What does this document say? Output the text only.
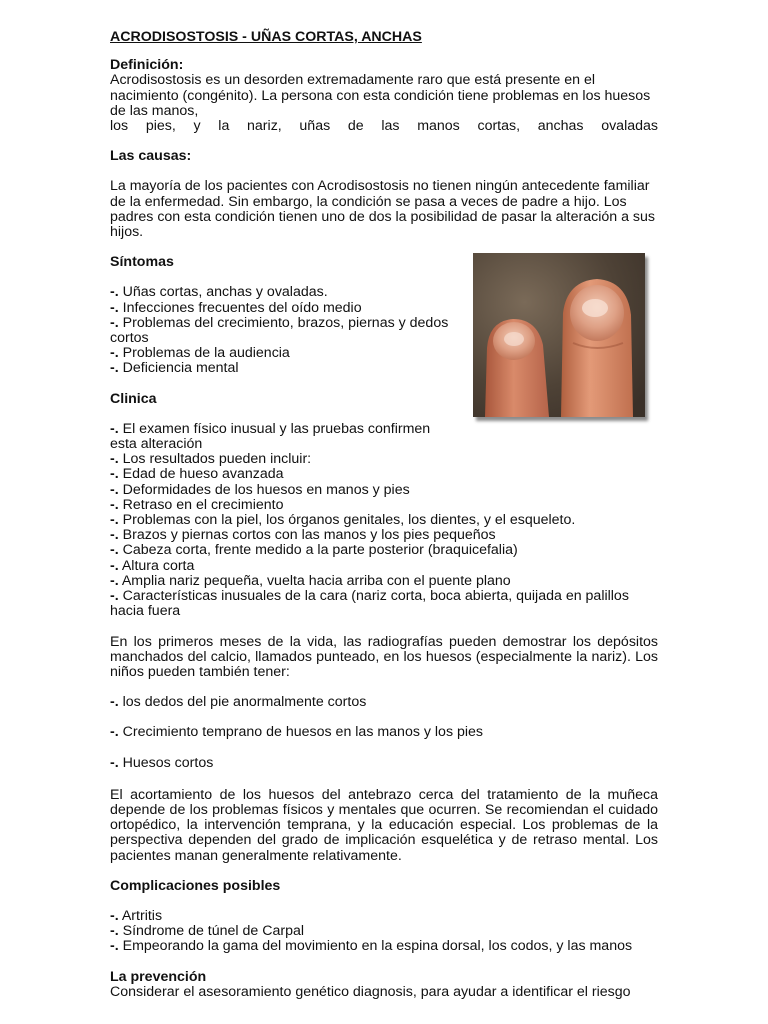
ACRODISOSTOSIS - UÑAS CORTAS, ANCHAS
Definición:
Acrodisostosis es un desorden extremadamente raro que está presente en el nacimiento (congénito). La persona con esta condición tiene problemas en los huesos de las manos,
los pies, y la nariz, uñas de las manos cortas, anchas ovaladas
Las causas:
La mayoría de los pacientes con Acrodisostosis no tienen ningún antecedente familiar de la enfermedad. Sin embargo, la condición se pasa a veces de padre a hijo. Los padres con esta condición tienen uno de dos la posibilidad de pasar la alteración a sus hijos.
Síntomas
-. Uñas cortas, anchas y ovaladas.
-. Infecciones frecuentes del oído medio
-. Problemas del crecimiento, brazos, piernas y dedos cortos
-. Problemas de la audiencia
-. Deficiencia mental
Clinica
-. El examen físico inusual y las pruebas confirmen esta alteración
-. Los resultados pueden incluir:
-. Edad de hueso avanzada
-. Deformidades de los huesos en manos y pies
-. Retraso en el crecimiento
-. Problemas con la piel, los órganos genitales, los dientes, y el esqueleto.
-. Brazos y piernas cortos con las manos y los pies pequeños
-. Cabeza corta, frente medido a la parte posterior (braquicefalia)
-. Altura corta
-. Amplia nariz pequeña, vuelta hacia arriba con el puente plano
-. Características inusuales de la cara (nariz corta, boca abierta, quijada en palillos hacia fuera
En los primeros meses de la vida, las radiografías pueden demostrar los depósitos manchados del calcio, llamados punteado, en los huesos (especialmente la nariz). Los niños pueden también tener:
-. los dedos del pie anormalmente cortos
-. Crecimiento temprano de huesos en las manos y los pies
-. Huesos cortos
El acortamiento de los huesos del antebrazo cerca del tratamiento de la muñeca depende de los problemas físicos y mentales que ocurren. Se recomiendan el cuidado ortopédico, la intervención temprana, y la educación especial. Los problemas de la perspectiva dependen del grado de implicación esquelética y de retraso mental. Los pacientes manan generalmente relativamente.
Complicaciones posibles
-. Artritis
-. Síndrome de túnel de Carpal
-. Empeorando la gama del movimiento en la espina dorsal, los codos, y las manos
La prevención
Considerar el asesoramiento genético diagnosis, para ayudar a identificar el riesgo
